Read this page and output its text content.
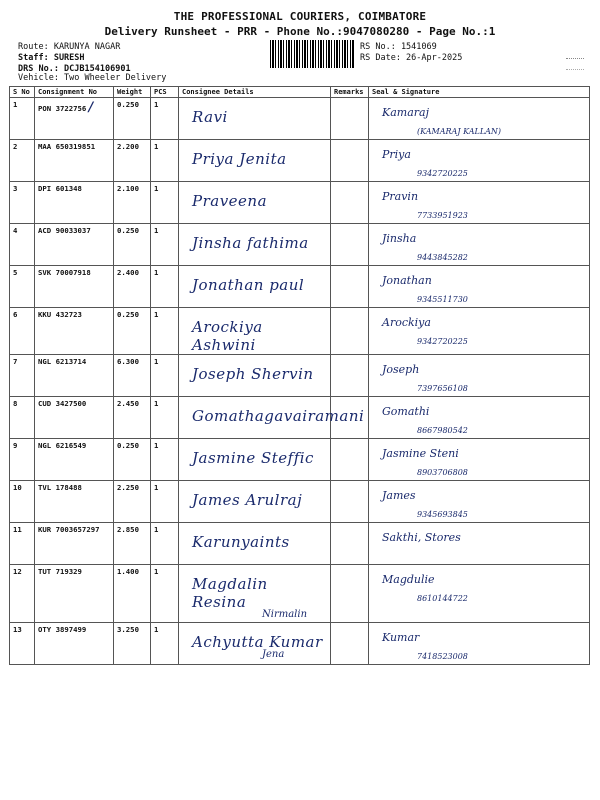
THE PROFESSIONAL COURIERS, COIMBATORE
Delivery Runsheet - PRR - Phone No.:9047080280 - Page No.:1
Route: KARUNYA NAGAR
Staff: SURESH
DRS No.: DCJB154106901
RS No.: 1541069
RS Date: 26-Apr-2025
Vehicle: Two Wheeler Delivery
S No	Consignment No	Weight	PCS	Consignee Details	Remarks	Seal & Signature
1	PON 3722756 /	0.250	1	Ravi		Kamaraj
(KAMARAJ KALLAN)

2	MAA 650319851	2.200	1	Priya Jenita		Priya
9342720225

3	DPI 601348	2.100	1	Praveena		Pravin
7733951923

4	ACD 90033037	0.250	1	Jinsha fathima		Jinsha
9443845282

5	SVK 70007918	2.400	1	Jonathan paul		Jonathan
9345511730

6	KKU 432723	0.250	1	Arockiya Ashwini		Arockiya
9342720225

7	NGL 6213714	6.300	1	Joseph Shervin		Joseph
7397656108

8	CUD 3427500	2.450	1	Gomathagavairamani		Gomathi
8667980542

9	NGL 6216549	0.250	1	Jasmine Steffic		Jasmine Steni
8903706808

10	TVL 178488	2.250	1	James Arulraj		James
9345693845

11	KUR 7003657297	2.850	1	Karunyaints		Sakthi, Stores

12	TUT 719329	1.400	1	Magdalin Resina
Nirmalin		Magdulie
8610144722

13	OTY 3897499	3.250	1	Achyutta Kumar
Jena		Kumar
7418523008
